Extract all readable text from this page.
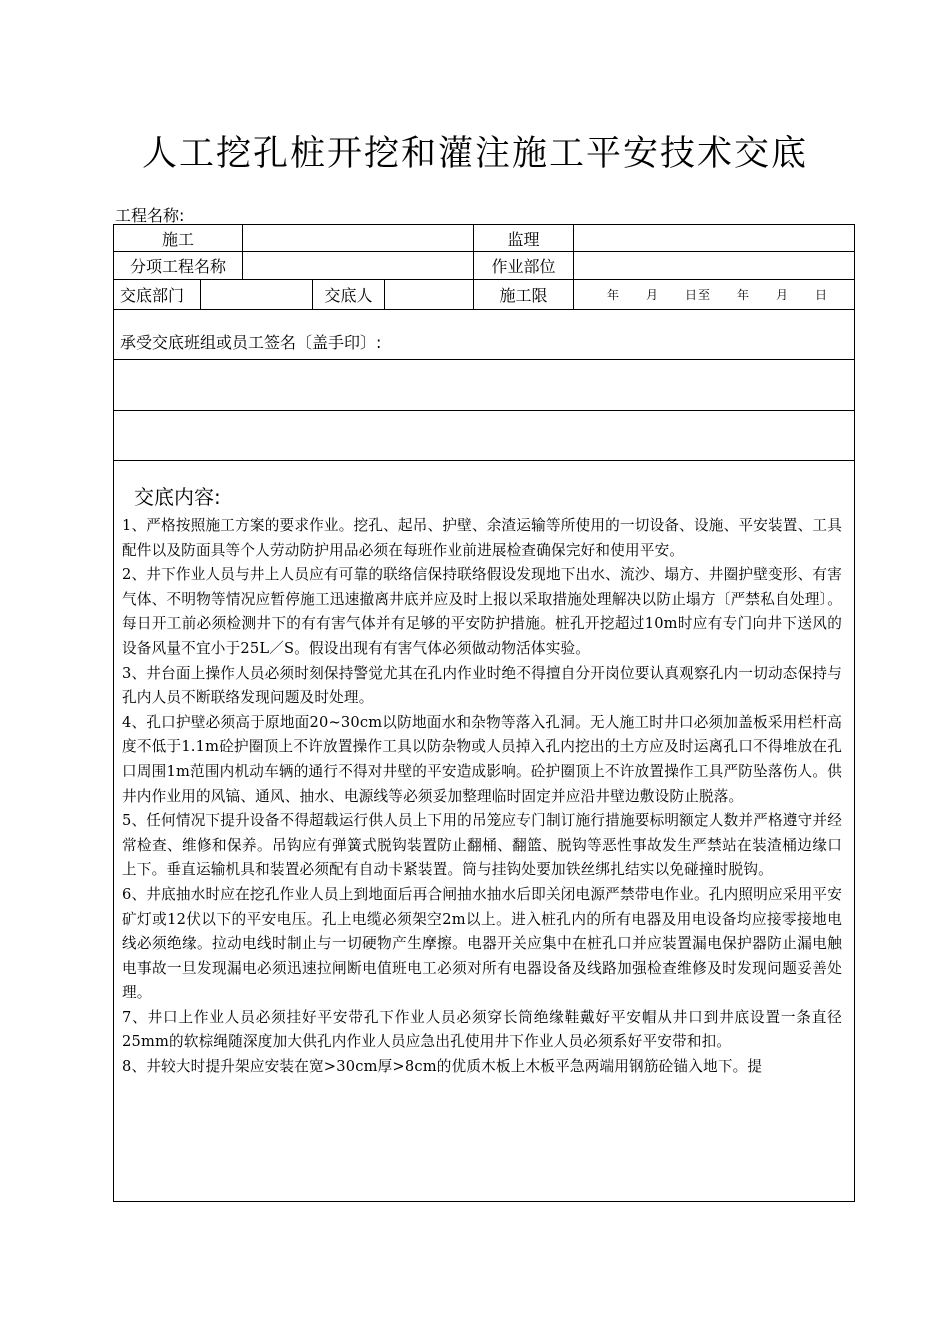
人工挖孔桩开挖和灌注施工平安技术交底
工程名称:
施工	监理
分项工程名称	作业部位
交底部门	交底人	施工限	年　　月　　日至　　年　　月　　日
承受交底班组或员工签名〔盖手印〕:
交底内容:

1、严格按照施工方案的要求作业。挖孔、起吊、护壁、余渣运输等所使用的一切设备、设施、平安装置、工具配件以及防面具等个人劳动防护用品必须在每班作业前进展检查确保完好和使用平安。

2、井下作业人员与井上人员应有可靠的联络信保持联络假设发现地下出水、流沙、塌方、井圈护壁变形、有害气体、不明物等情况应暂停施工迅速撤离井底并应及时上报以采取措施处理解决以防止塌方〔严禁私自处理〕。每日开工前必须检测井下的有有害气体并有足够的平安防护措施。桩孔开挖超过10m时应有专门向井下送风的设备风量不宜小于25L／S。假设出现有有害气体必须做动物活体实验。

3、井台面上操作人员必须时刻保持警觉尤其在孔内作业时绝不得擅自分开岗位要认真观察孔内一切动态保持与孔内人员不断联络发现问题及时处理。

4、孔口护壁必须高于原地面20~30cm以防地面水和杂物等落入孔洞。无人施工时井口必须加盖板采用栏杆高度不低于1.1m砼护圈顶上不许放置操作工具以防杂物或人员掉入孔内挖出的土方应及时运离孔口不得堆放在孔口周围1m范围内机动车辆的通行不得对井壁的平安造成影响。砼护圈顶上不许放置操作工具严防坠落伤人。供井内作业用的风镐、通风、抽水、电源线等必须妥加整理临时固定并应沿井壁边敷设防止脱落。

5、任何情况下提升设备不得超载运行供人员上下用的吊笼应专门制订施行措施要标明额定人数并严格遵守并经常检查、维修和保养。吊钩应有弹簧式脱钩装置防止翻桶、翻篮、脱钩等恶性事故发生严禁站在装渣桶边缘口上下。垂直运输机具和装置必须配有自动卡紧装置。筒与挂钩处要加铁丝绑扎结实以免碰撞时脱钩。

6、井底抽水时应在挖孔作业人员上到地面后再合闸抽水抽水后即关闭电源严禁带电作业。孔内照明应采用平安矿灯或12伏以下的平安电压。孔上电缆必须架空2m以上。进入桩孔内的所有电器及用电设备均应接零接地电线必须绝缘。拉动电线时制止与一切硬物产生摩擦。电器开关应集中在桩孔口并应装置漏电保护器防止漏电触电事故一旦发现漏电必须迅速拉闸断电值班电工必须对所有电器设备及线路加强检查维修及时发现问题妥善处理。

7、井口上作业人员必须挂好平安带孔下作业人员必须穿长筒绝缘鞋戴好平安帽从井口到井底设置一条直径25mm的软棕绳随深度加大供孔内作业人员应急出孔使用井下作业人员必须系好平安带和扣。

8、井较大时提升架应安装在宽>30cm厚>8cm的优质木板上木板平急两端用钢筋砼锚入地下。提
